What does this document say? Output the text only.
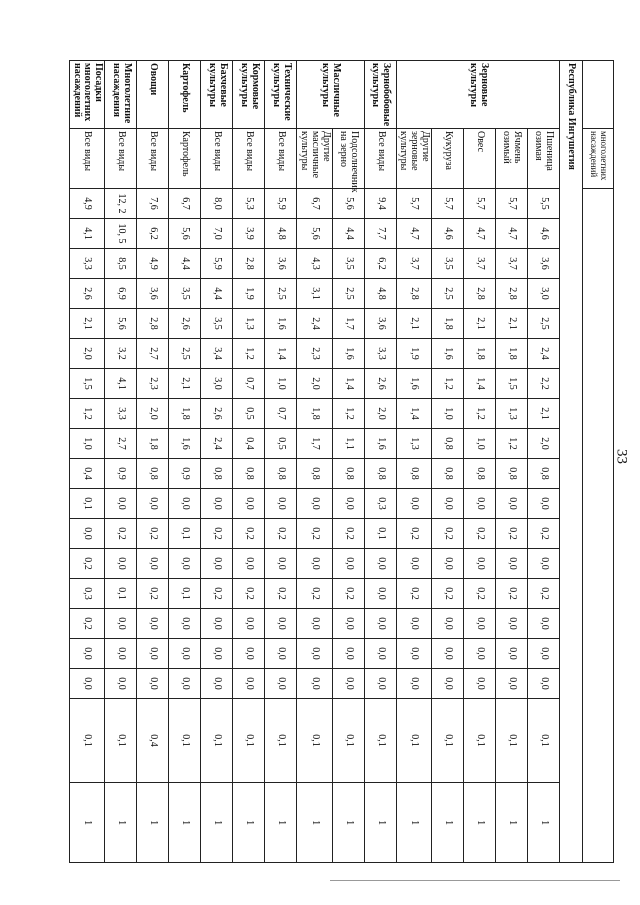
33
	многолетних насаждений																			
Республика Ингушетия																				
Зерновые культуры	Пшеница озимая	5,5	4,6	3,6	3,0	2,5	2,4	2,2	2,1	2,0	0,8	0,0	0,2	0,0	0,2	0,0	0,0	0,0	0,1	1
	Ячмень озимый	5,7	4,7	3,7	2,8	2,1	1,8	1,5	1,3	1,2	0,8	0,0	0,2	0,0	0,2	0,0	0,0	0,0	0,1	1
	Овес	5,7	4,7	3,7	2,8	2,1	1,8	1,4	1,2	1,0	0,8	0,0	0,2	0,0	0,2	0,0	0,0	0,0	0,1	1
	Кукуруза	5,7	4,6	3,5	2,5	1,8	1,6	1,2	1,0	0,8	0,8	0,0	0,2	0,0	0,2	0,0	0,0	0,0	0,1	1
	Другие зерновые культуры	5,7	4,7	3,7	2,8	2,1	1,9	1,6	1,4	1,3	0,8	0,0	0,2	0,0	0,2	0,0	0,0	0,0	0,1	1
Зернобобовые культуры	Все виды	9,4	7,7	6,2	4,8	3,6	3,3	2,6	2,0	1,6	0,8	0,3	0,1	0,0	0,0	0,0	0,0	0,0	0,1	1
Масличные культуры	Подсолнечник на зерно	5,6	4,4	3,5	2,5	1,7	1,6	1,4	1,2	1,1	0,8	0,0	0,2	0,0	0,2	0,0	0,0	0,0	0,1	1
	Другие масличные культуры	6,7	5,6	4,3	3,1	2,4	2,3	2,0	1,8	1,7	0,8	0,0	0,2	0,0	0,2	0,0	0,0	0,0	0,1	1
Технические культуры	Все виды	5,9	4,8	3,6	2,5	1,6	1,4	1,0	0,7	0,5	0,8	0,0	0,2	0,0	0,2	0,0	0,0	0,0	0,1	1
Кормовые культуры	Все виды	5,3	3,9	2,8	1,9	1,3	1,2	0,7	0,5	0,4	0,8	0,0	0,2	0,0	0,2	0,0	0,0	0,0	0,1	1
Бахчевые культуры	Все виды	8,0	7,0	5,9	4,4	3,5	3,4	3,0	2,6	2,4	0,8	0,0	0,2	0,0	0,2	0,0	0,0	0,0	0,1	1
Картофель	Картофель	6,7	5,6	4,4	3,5	2,6	2,5	2,1	1,8	1,6	0,9	0,0	0,1	0,0	0,1	0,0	0,0	0,0	0,1	1
Овощи	Все виды	7,6	6,2	4,9	3,6	2,8	2,7	2,3	2,0	1,8	0,8	0,0	0,2	0,0	0,2	0,0	0,0	0,0	0,4	1
Многолетние насаждения	Все виды	12, 2	10, 5	8,5	6,9	5,6	3,2	4,1	3,3	2,7	0,9	0,0	0,2	0,0	0,1	0,0	0,0	0,0	0,1	1
Посадки многолетних насаждений	Все виды	4,9	4,1	3,3	2,6	2,1	2,0	1,5	1,2	1,0	0,4	0,1	0,0	0,2	0,3	0,2	0,0	0,0	0,1	1
